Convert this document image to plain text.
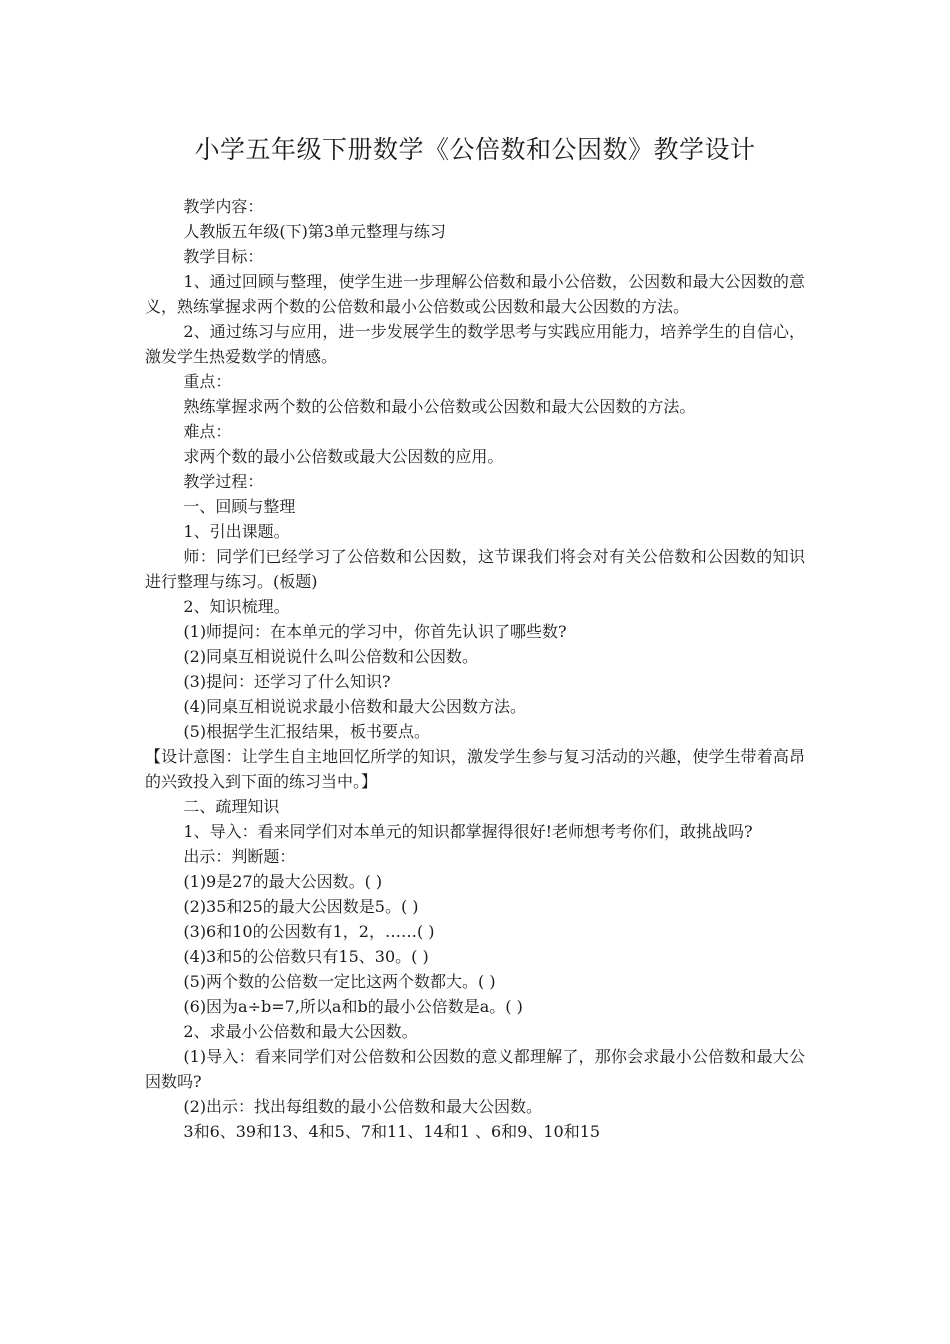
小学五年级下册数学《公倍数和公因数》教学设计

教学内容：

人教版五年级(下)第3单元整理与练习

教学目标：

1、通过回顾与整理，使学生进一步理解公倍数和最小公倍数，公因数和最大公因数的意义，熟练掌握求两个数的公倍数和最小公倍数或公因数和最大公因数的方法。

2、通过练习与应用，进一步发展学生的数学思考与实践应用能力，培养学生的自信心，激发学生热爱数学的情感。

重点：

熟练掌握求两个数的公倍数和最小公倍数或公因数和最大公因数的方法。

难点：

求两个数的最小公倍数或最大公因数的应用。

教学过程：

一、回顾与整理

1、引出课题。

师：同学们已经学习了公倍数和公因数，这节课我们将会对有关公倍数和公因数的知识进行整理与练习。(板题)

2、知识梳理。

(1)师提问：在本单元的学习中，你首先认识了哪些数?

(2)同桌互相说说什么叫公倍数和公因数。

(3)提问：还学习了什么知识?

(4)同桌互相说说求最小倍数和最大公因数方法。

(5)根据学生汇报结果，板书要点。

【设计意图：让学生自主地回忆所学的知识，激发学生参与复习活动的兴趣，使学生带着高昂的兴致投入到下面的练习当中。】

二、疏理知识

1、导入：看来同学们对本单元的知识都掌握得很好!老师想考考你们，敢挑战吗?

出示：判断题：

(1)9是27的最大公因数。( )

(2)35和25的最大公因数是5。( )

(3)6和10的公因数有1，2，……( )

(4)3和5的公倍数只有15、30。( )

(5)两个数的公倍数一定比这两个数都大。( )

(6)因为a÷b=7,所以a和b的最小公倍数是a。( )

2、求最小公倍数和最大公因数。

(1)导入：看来同学们对公倍数和公因数的意义都理解了，那你会求最小公倍数和最大公因数吗?

(2)出示：找出每组数的最小公倍数和最大公因数。

3和6、39和13、4和5、7和11、14和1 、6和9、10和15
